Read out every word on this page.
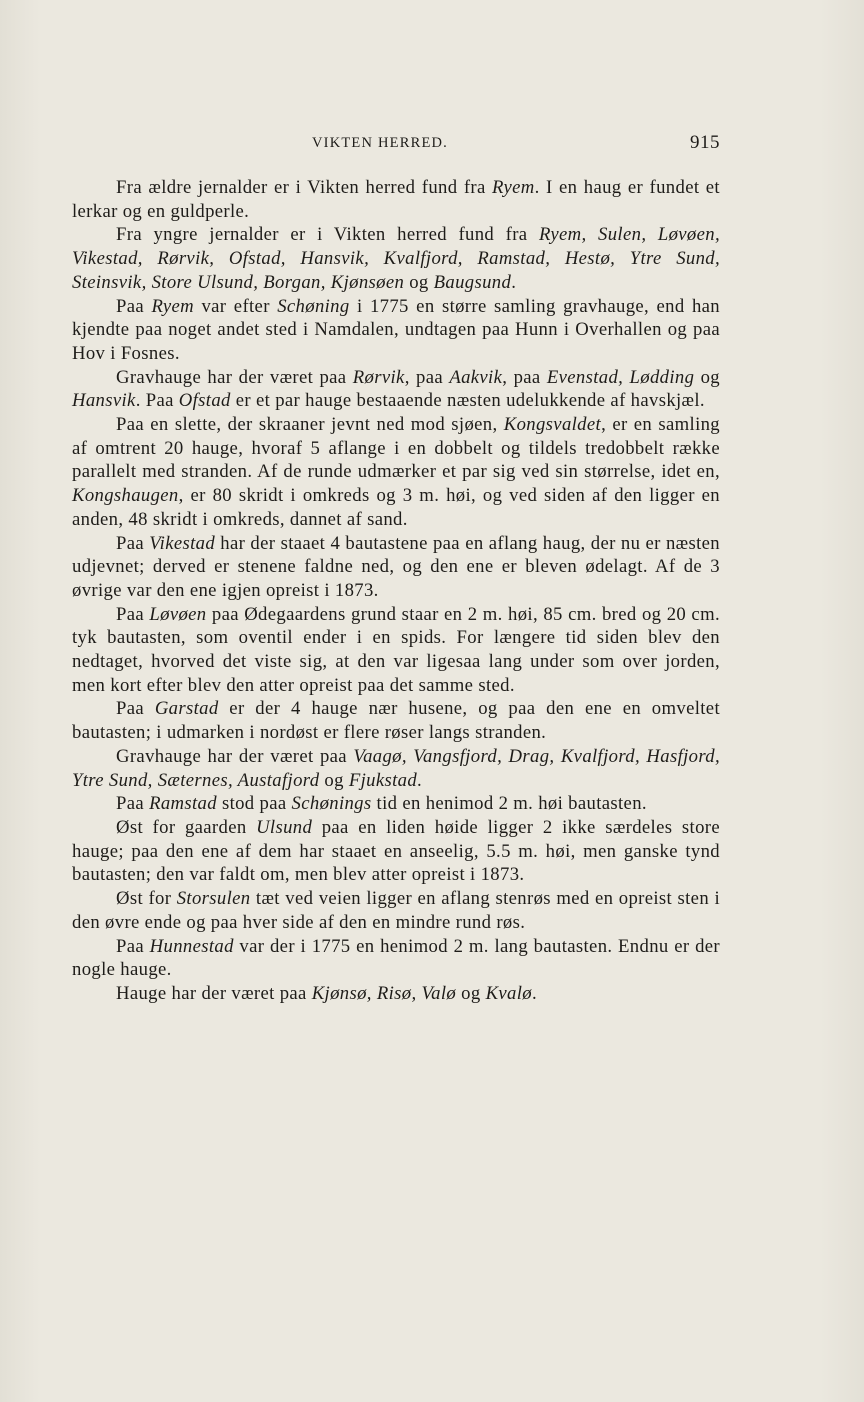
VIKTEN HERRED.	915

Fra ældre jernalder er i Vikten herred fund fra Ryem. I en haug er fundet et lerkar og en guldperle.

Fra yngre jernalder er i Vikten herred fund fra Ryem, Sulen, Løvøen, Vikestad, Rørvik, Ofstad, Hansvik, Kvalfjord, Ramstad, Hestø, Ytre Sund, Steinsvik, Store Ulsund, Borgan, Kjønsøen og Baugsund.

Paa Ryem var efter Schøning i 1775 en større samling gravhauge, end han kjendte paa noget andet sted i Namdalen, undtagen paa Hunn i Overhallen og paa Hov i Fosnes.

Gravhauge har der været paa Rørvik, paa Aakvik, paa Evenstad, Lødding og Hansvik. Paa Ofstad er et par hauge bestaaende næsten udelukkende af havskjæl.

Paa en slette, der skraaner jevnt ned mod sjøen, Kongsvaldet, er en samling af omtrent 20 hauge, hvoraf 5 aflange i en dobbelt og tildels tredobbelt række parallelt med stranden. Af de runde udmærker et par sig ved sin størrelse, idet en, Kongshaugen, er 80 skridt i omkreds og 3 m. høi, og ved siden af den ligger en anden, 48 skridt i omkreds, dannet af sand.

Paa Vikestad har der staaet 4 bautastene paa en aflang haug, der nu er næsten udjevnet; derved er stenene faldne ned, og den ene er bleven ødelagt. Af de 3 øvrige var den ene igjen opreist i 1873.

Paa Løvøen paa Ødegaardens grund staar en 2 m. høi, 85 cm. bred og 20 cm. tyk bautasten, som oventil ender i en spids. For længere tid siden blev den nedtaget, hvorved det viste sig, at den var ligesaa lang under som over jorden, men kort efter blev den atter opreist paa det samme sted.

Paa Garstad er der 4 hauge nær husene, og paa den ene en omveltet bautasten; i udmarken i nordøst er flere røser langs stranden.

Gravhauge har der været paa Vaagø, Vangsfjord, Drag, Kvalfjord, Hasfjord, Ytre Sund, Sæternes, Austafjord og Fjukstad.

Paa Ramstad stod paa Schønings tid en henimod 2 m. høi bautasten.

Øst for gaarden Ulsund paa en liden høide ligger 2 ikke særdeles store hauge; paa den ene af dem har staaet en anseelig, 5.5 m. høi, men ganske tynd bautasten; den var faldt om, men blev atter opreist i 1873.

Øst for Storsulen tæt ved veien ligger en aflang stenrøs med en opreist sten i den øvre ende og paa hver side af den en mindre rund røs.

Paa Hunnestad var der i 1775 en henimod 2 m. lang bautasten. Endnu er der nogle hauge.

Hauge har der været paa Kjønsø, Risø, Valø og Kvalø.
